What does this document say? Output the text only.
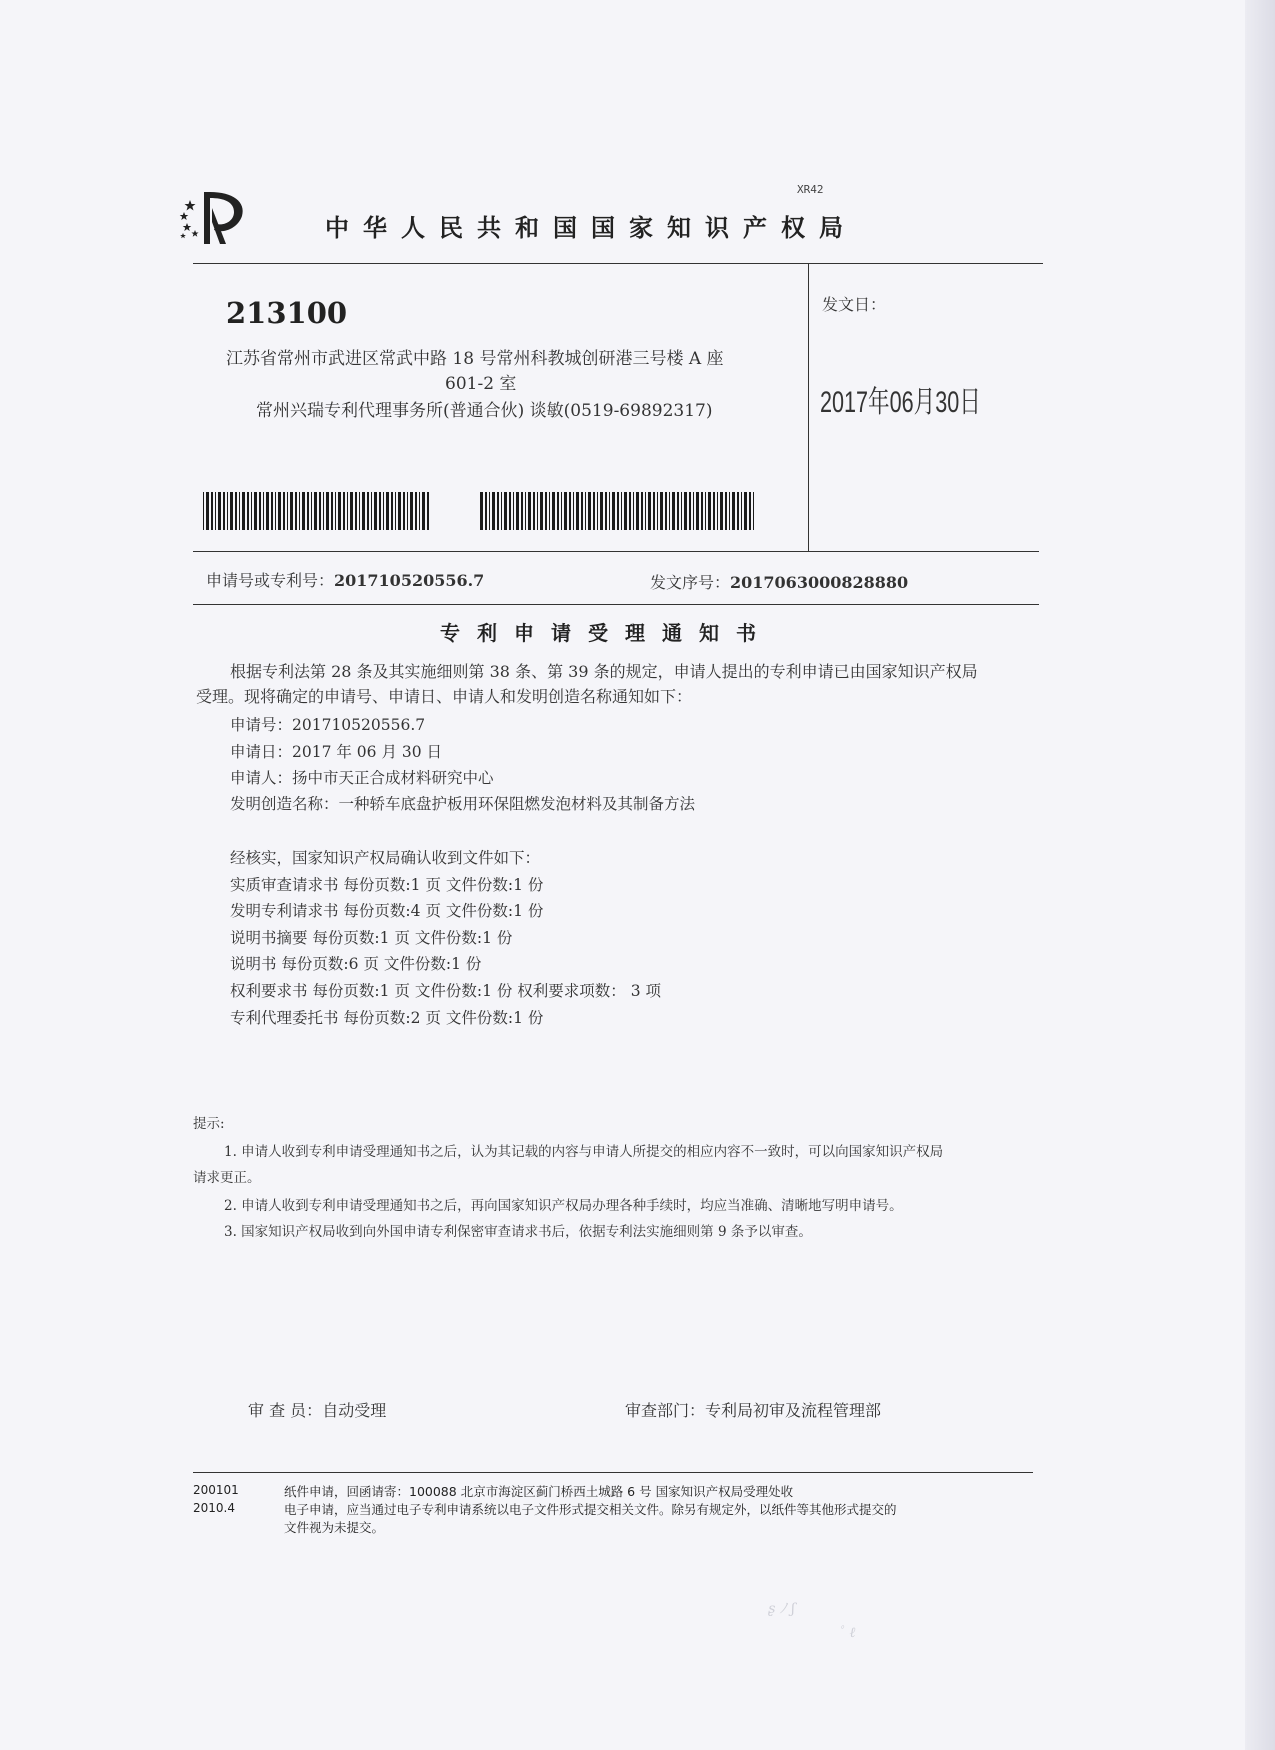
中华人民共和国国家知识产权局
XR42
213100
江苏省常州市武进区常武中路 18 号常州科教城创研港三号楼 A 座
601-2 室
常州兴瑞专利代理事务所(普通合伙) 谈敏(0519-69892317)
发文日：
2017年06月30日
申请号或专利号：201710520556.7	发文序号：2017063000828880
专利申请受理通知书
根据专利法第 28 条及其实施细则第 38 条、第 39 条的规定，申请人提出的专利申请已由国家知识产权局
受理。现将确定的申请号、申请日、申请人和发明创造名称通知如下：
申请号：201710520556.7
申请日：2017 年 06 月 30 日
申请人：扬中市天正合成材料研究中心
发明创造名称：一种轿车底盘护板用环保阻燃发泡材料及其制备方法
经核实，国家知识产权局确认收到文件如下：
实质审查请求书 每份页数:1 页 文件份数:1 份
发明专利请求书 每份页数:4 页 文件份数:1 份
说明书摘要 每份页数:1 页 文件份数:1 份
说明书 每份页数:6 页 文件份数:1 份
权利要求书 每份页数:1 页 文件份数:1 份 权利要求项数： 3 项
专利代理委托书 每份页数:2 页 文件份数:1 份
提示:
1. 申请人收到专利申请受理通知书之后，认为其记载的内容与申请人所提交的相应内容不一致时，可以向国家知识产权局
请求更正。
2. 申请人收到专利申请受理通知书之后，再向国家知识产权局办理各种手续时，均应当准确、清晰地写明申请号。
3. 国家知识产权局收到向外国申请专利保密审查请求书后，依据专利法实施细则第 9 条予以审查。
审 查 员：自动受理	审查部门：专利局初审及流程管理部
200101
2010.4
纸件申请，回函请寄：100088 北京市海淀区蓟门桥西土城路 6 号 国家知识产权局受理处收
电子申请，应当通过电子专利申请系统以电子文件形式提交相关文件。除另有规定外，以纸件等其他形式提交的
文件视为未提交。
ʂ ﾉ ʃ
ﾟ ℓ
